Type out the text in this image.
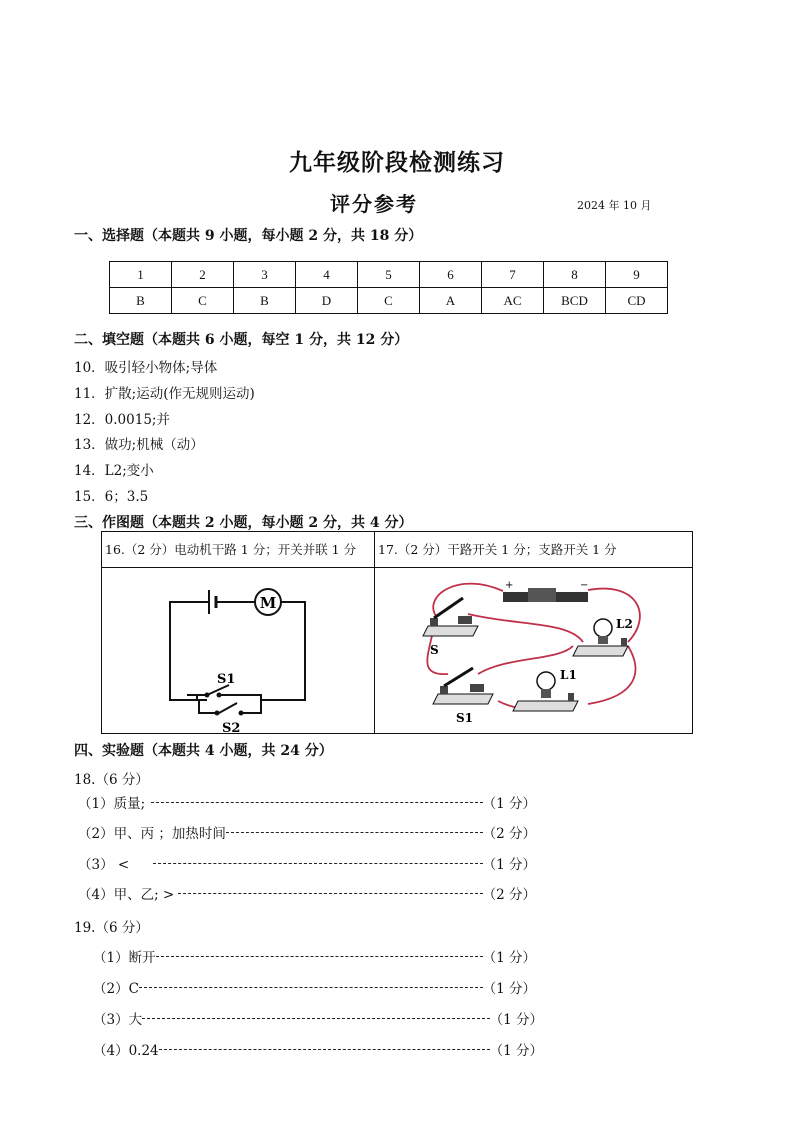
九年级阶段检测练习
评分参考	2024 年 10 月
一、选择题（本题共 9 小题，每小题 2 分，共 18 分）
1	2	3	4	5	6	7	8	9
B	C	B	D	C	A	AC	BCD	CD
二、填空题（本题共 6 小题，每空 1 分，共 12 分）
10．吸引轻小物体;导体
11．扩散;运动(作无规则运动)
12．0.0015;并
13．做功;机械（动）
14．L2;变小
15．6；3.5
三、作图题（本题共 2 小题，每小题 2 分，共 4 分）
16.（2 分）电动机干路 1 分；开关并联 1 分 17.（2 分）干路开关 1 分；支路开关 1 分
M
S1
S2
+	−
S
L2
S1
L1
四、实验题（本题共 4 小题，共 24 分）
18.（6 分）
（1）质量;	（1 分）
（2）甲、丙 ；加热时间	（2 分）
（3） <	（1 分）
（4）甲、乙; >	（2 分）
19.（6 分）
（1）断开	（1 分）
（2）C	（1 分）
（3）大	（1 分）
（4）0.24	（1 分）
